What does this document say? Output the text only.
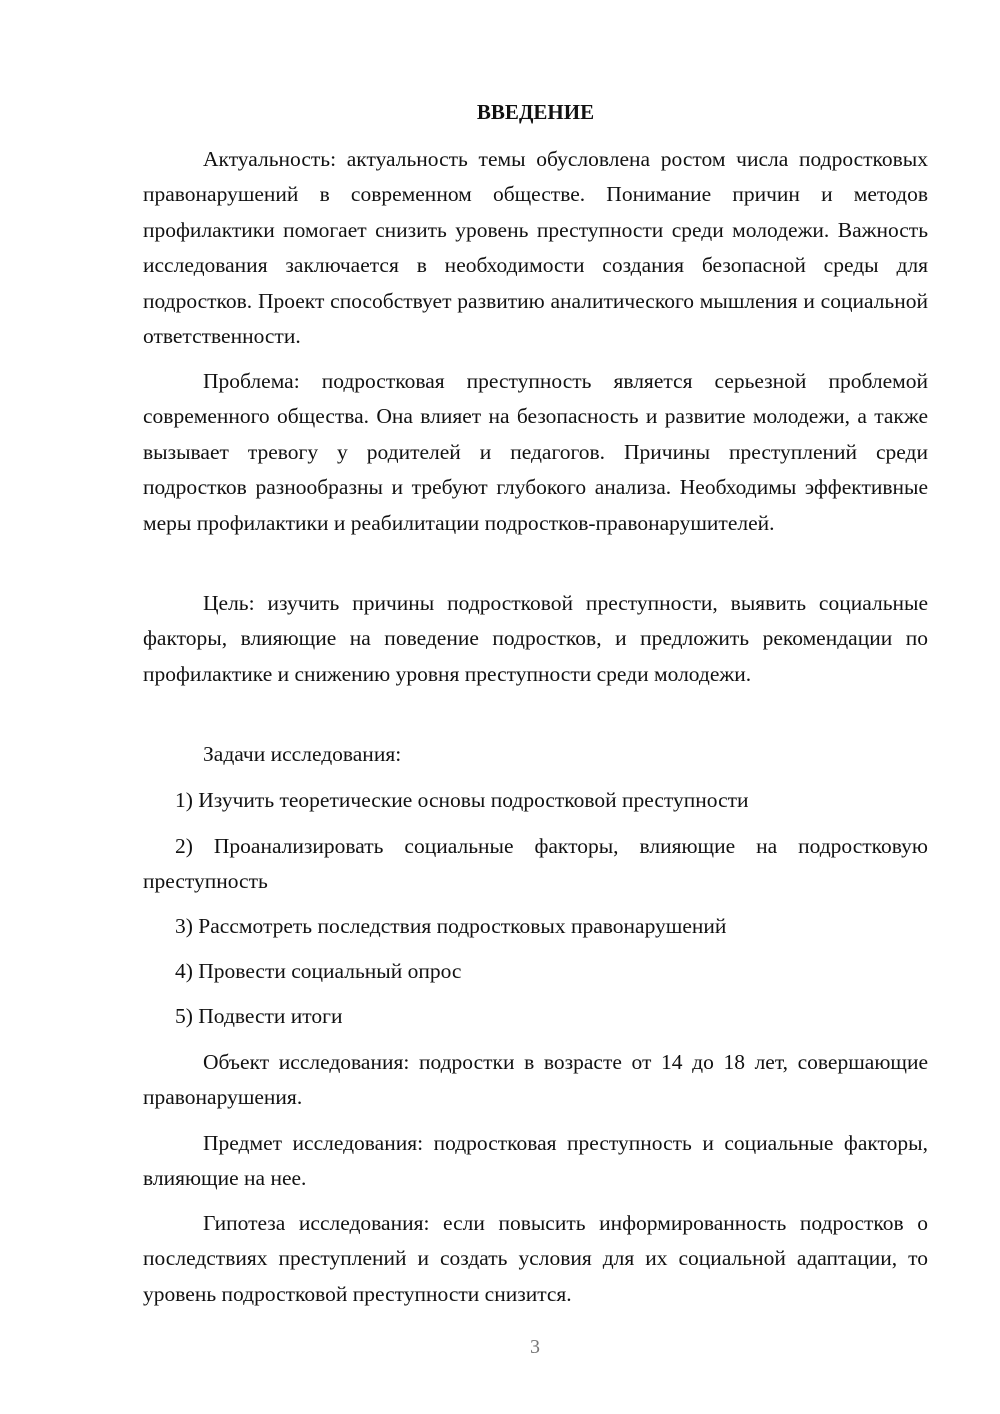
ВВЕДЕНИЕ

Актуальность: актуальность темы обусловлена ростом числа подростковых правонарушений в современном обществе. Понимание причин и методов профилактики помогает снизить уровень преступности среди молодежи. Важность исследования заключается в необходимости создания безопасной среды для подростков. Проект способствует развитию аналитического мышления и социальной ответственности.

Проблема: подростковая преступность является серьезной проблемой современного общества. Она влияет на безопасность и развитие молодежи, а также вызывает тревогу у родителей и педагогов. Причины преступлений среди подростков разнообразны и требуют глубокого анализа. Необходимы эффективные меры профилактики и реабилитации подростков-правонарушителей.

Цель: изучить причины подростковой преступности, выявить социальные факторы, влияющие на поведение подростков, и предложить рекомендации по профилактике и снижению уровня преступности среди молодежи.

Задачи исследования:

1) Изучить теоретические основы подростковой преступности

2) Проанализировать социальные факторы, влияющие на подростковую преступность

3) Рассмотреть последствия подростковых правонарушений

4) Провести социальный опрос

5) Подвести итоги

Объект исследования: подростки в возрасте от 14 до 18 лет, совершающие правонарушения.

Предмет исследования: подростковая преступность и социальные факторы, влияющие на нее.

Гипотеза исследования: если повысить информированность подростков о последствиях преступлений и создать условия для их социальной адаптации, то уровень подростковой преступности снизится.

3
